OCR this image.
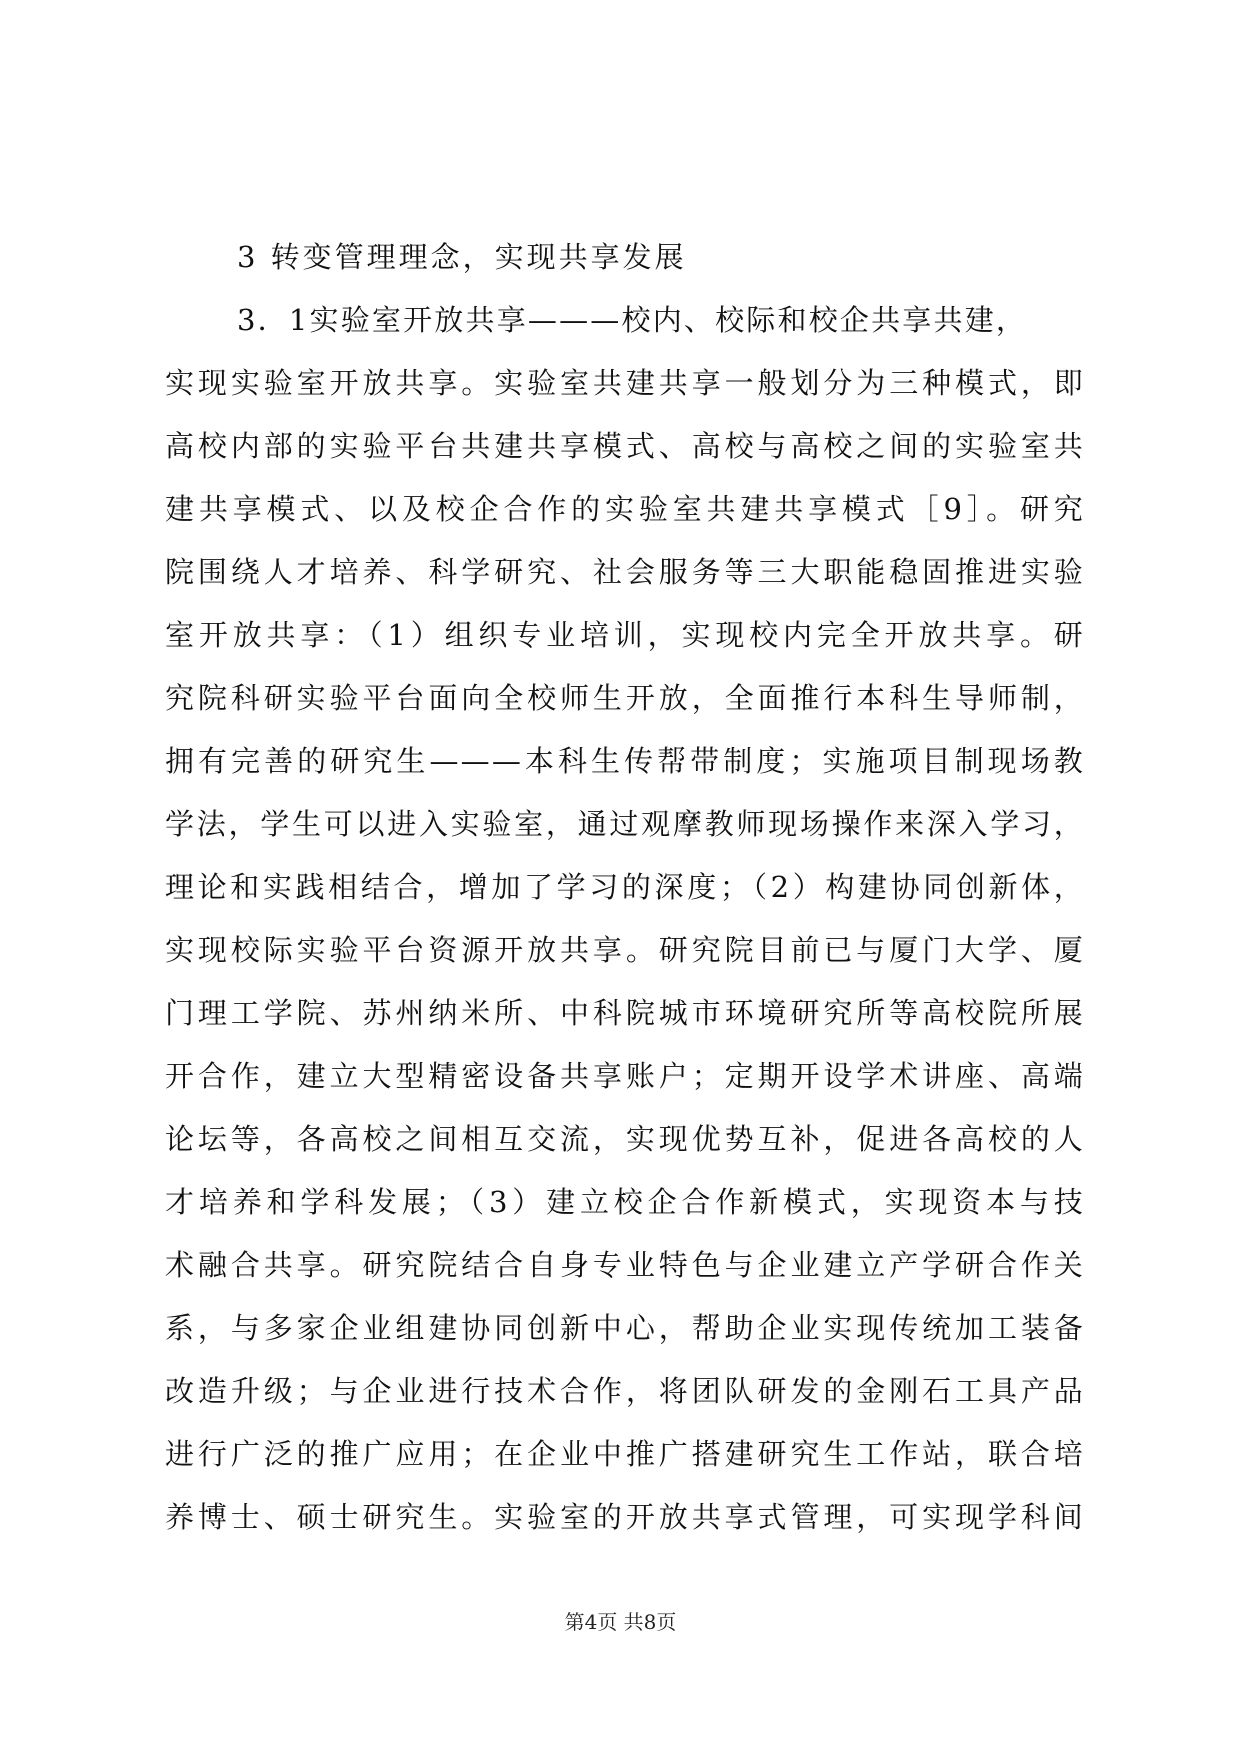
3 转变管理理念，实现共享发展
3．1实验室开放共享———校内、校际和校企共享共建，
实现实验室开放共享。实验室共建共享一般划分为三种模式，即
高校内部的实验平台共建共享模式、高校与高校之间的实验室共
建共享模式、以及校企合作的实验室共建共享模式［9］。研究
院围绕人才培养、科学研究、社会服务等三大职能稳固推进实验
室开放共享：（1）组织专业培训，实现校内完全开放共享。研
究院科研实验平台面向全校师生开放，全面推行本科生导师制，
拥有完善的研究生———本科生传帮带制度；实施项目制现场教
学法，学生可以进入实验室，通过观摩教师现场操作来深入学习，
理论和实践相结合，增加了学习的深度；（2）构建协同创新体，
实现校际实验平台资源开放共享。研究院目前已与厦门大学、厦
门理工学院、苏州纳米所、中科院城市环境研究所等高校院所展
开合作，建立大型精密设备共享账户；定期开设学术讲座、高端
论坛等，各高校之间相互交流，实现优势互补，促进各高校的人
才培养和学科发展；（3）建立校企合作新模式，实现资本与技
术融合共享。研究院结合自身专业特色与企业建立产学研合作关
系，与多家企业组建协同创新中心，帮助企业实现传统加工装备
改造升级；与企业进行技术合作，将团队研发的金刚石工具产品
进行广泛的推广应用；在企业中推广搭建研究生工作站，联合培
养博士、硕士研究生。实验室的开放共享式管理，可实现学科间
第4页 共8页
